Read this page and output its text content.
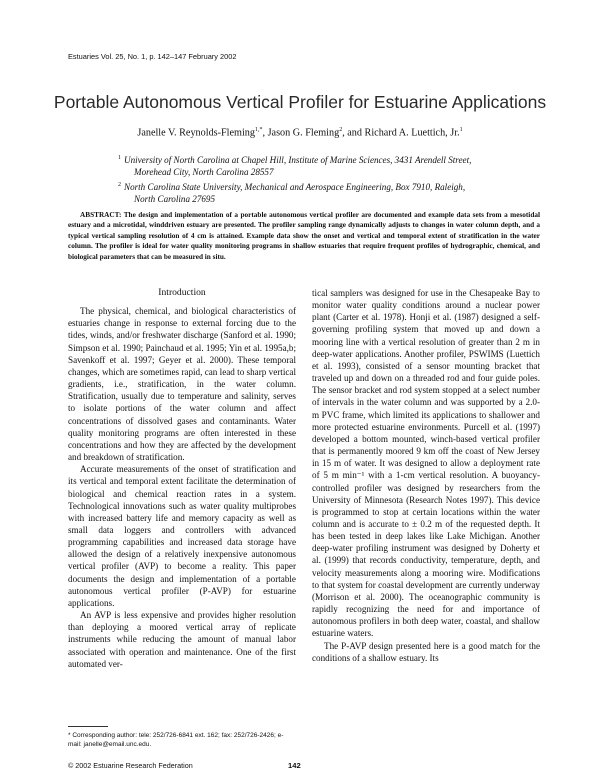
Estuaries Vol. 25, No. 1, p. 142–147 February 2002
Portable Autonomous Vertical Profiler for Estuarine Applications
Janelle V. Reynolds-Fleming$^{1,*}$, Jason G. Fleming$^2$, and Richard A. Luettich, Jr.$^1$
$^1$ University of North Carolina at Chapel Hill, Institute of Marine Sciences, 3431 Arendell Street,
Morehead City, North Carolina 28557
$^2$ North Carolina State University, Mechanical and Aerospace Engineering, Box 7910, Raleigh,
North Carolina 27695
ABSTRACT: The design and implementation of a portable autonomous vertical profiler are documented and example data sets from a mesotidal estuary and a microtidal, winddriven estuary are presented. The profiler sampling range dynamically adjusts to changes in water column depth, and a typical vertical sampling resolution of 4 cm is attained. Example data show the onset and vertical and temporal extent of stratification in the water column. The profiler is ideal for water quality monitoring programs in shallow estuaries that require frequent profiles of hydrographic, chemical, and biological parameters that can be measured in situ.
Introduction

The physical, chemical, and biological characteristics of estuaries change in response to external forcing due to the tides, winds, and/or freshwater discharge (Sanford et al. 1990; Simpson et al. 1990; Painchaud et al. 1995; Yin et al. 1995a,b; Savenkoff et al. 1997; Geyer et al. 2000). These temporal changes, which are sometimes rapid, can lead to sharp vertical gradients, i.e., stratification, in the water column. Stratification, usually due to temperature and salinity, serves to isolate portions of the water column and affect concentrations of dissolved gases and contaminants. Water quality monitoring programs are often interested in these concentrations and how they are affected by the development and breakdown of stratification.

Accurate measurements of the onset of stratification and its vertical and temporal extent facilitate the determination of biological and chemical reaction rates in a system. Technological innovations such as water quality multiprobes with increased battery life and memory capacity as well as small data loggers and controllers with advanced programming capabilities and increased data storage have allowed the design of a relatively inexpensive autonomous vertical profiler (AVP) to become a reality. This paper documents the design and implementation of a portable autonomous vertical profiler (P-AVP) for estuarine applications.

An AVP is less expensive and provides higher resolution than deploying a moored vertical array of replicate instruments while reducing the amount of manual labor associated with operation and maintenance. One of the first automated ver-

tical samplers was designed for use in the Chesapeake Bay to monitor water quality conditions around a nuclear power plant (Carter et al. 1978). Honji et al. (1987) designed a self-governing profiling system that moved up and down a mooring line with a vertical resolution of greater than 2 m in deep-water applications. Another profiler, PSWIMS (Luettich et al. 1993), consisted of a sensor mounting bracket that traveled up and down on a threaded rod and four guide poles. The sensor bracket and rod system stopped at a select number of intervals in the water column and was supported by a 2.0-m PVC frame, which limited its applications to shallower and more protected estuarine environments. Purcell et al. (1997) developed a bottom mounted, winch-based vertical profiler that is permanently moored 9 km off the coast of New Jersey in 15 m of water. It was designed to allow a deployment rate of 5 m min⁻¹ with a 1-cm vertical resolution. A buoyancy-controlled profiler was designed by researchers from the University of Minnesota (Research Notes 1997). This device is programmed to stop at certain locations within the water column and is accurate to ± 0.2 m of the requested depth. It has been tested in deep lakes like Lake Michigan. Another deep-water profiling instrument was designed by Doherty et al. (1999) that records conductivity, temperature, depth, and velocity measurements along a mooring wire. Modifications to that system for coastal development are currently underway (Morrison et al. 2000). The oceanographic community is rapidly recognizing the need for and importance of autonomous profilers in both deep water, coastal, and shallow estuarine waters.

The P-AVP design presented here is a good match for the conditions of a shallow estuary. Its

* Corresponding author: tele: 252/726-6841 ext. 162; fax: 252/726-2426; e-mail: janelle@email.unc.edu.
© 2002 Estuarine Research Federation	142
